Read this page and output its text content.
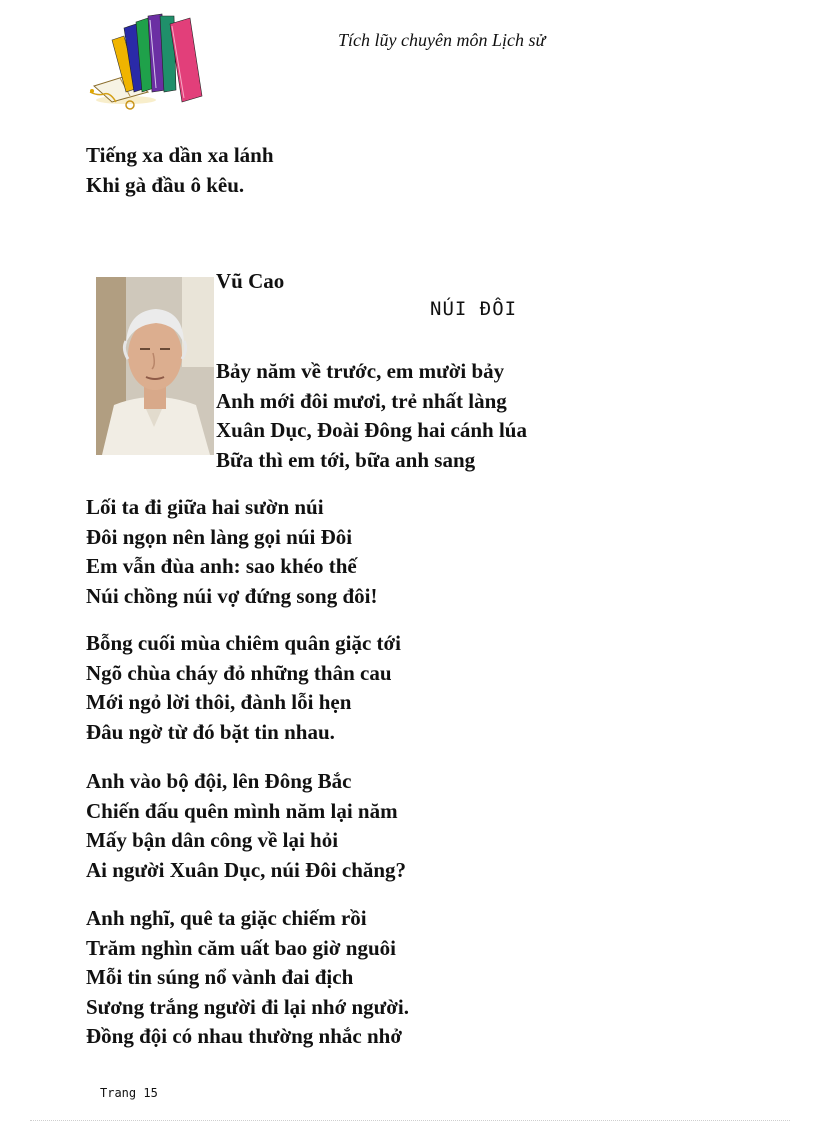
Tích lũy chuyên môn Lịch sử
Tiếng xa dần xa lánh
Khi gà đầu ô kêu.
Vũ Cao
NÚI ĐÔI
Bảy năm về trước, em mười bảy
Anh mới đôi mươi, trẻ nhất làng
Xuân Dục, Đoài Đông hai cánh lúa
Bữa thì em tới, bữa anh sang
Lối ta đi giữa hai sườn núi
Đôi ngọn nên làng gọi núi Đôi
Em vẫn đùa anh: sao khéo thế
Núi chồng núi vợ đứng song đôi!
Bỗng cuối mùa chiêm quân giặc tới
Ngõ chùa cháy đỏ những thân cau
Mới ngỏ lời thôi, đành lỗi hẹn
Đâu ngờ từ đó bặt tin nhau.
Anh vào bộ đội, lên Đông Bắc
Chiến đấu quên mình năm lại năm
Mấy bận dân công về lại hỏi
Ai người Xuân Dục, núi Đôi chăng?
Anh nghĩ, quê ta giặc chiếm rồi
Trăm nghìn căm uất bao giờ nguôi
Mỗi tin súng nổ vành đai địch
Sương trắng người đi lại nhớ người.
Đồng đội có nhau thường nhắc nhở
Trang 15
